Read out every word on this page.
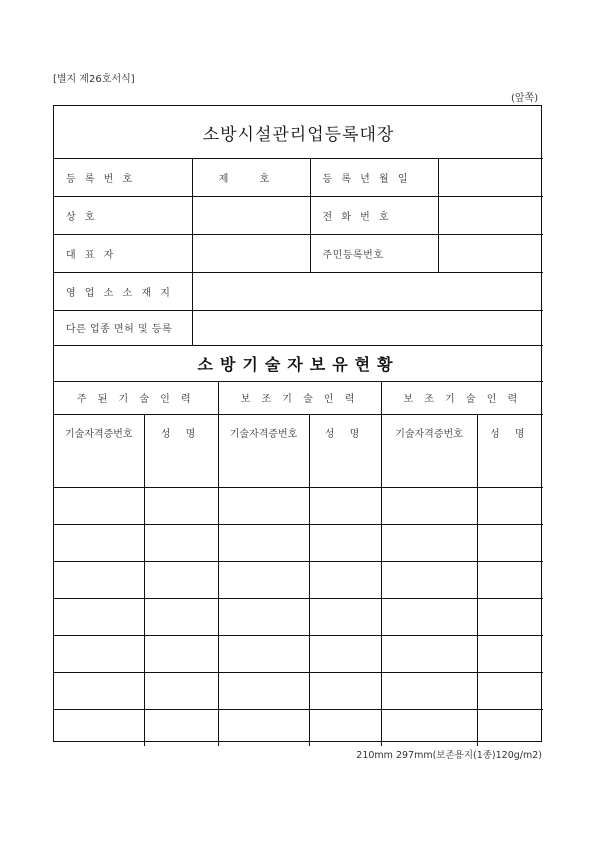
[별지 제26호서식]
(앞쪽)
소방시설관리업등록대장			
등 록 번 호	제 호	등 록 년 월 일	
상 호		전 화 번 호	
대 표 자		주민등록번호	
영 업 소 소 재 지			
다른 업종 면허 및 등록			
소방기술자보유현황					
주 된 기 술 인 력		보 조 기 술 인 력		보 조 기 술 인 력	
기술자격증번호	성 명	기술자격증번호	성 명	기술자격증번호	성 명

210mm 297mm(보존용지(1종)120g/m2)
